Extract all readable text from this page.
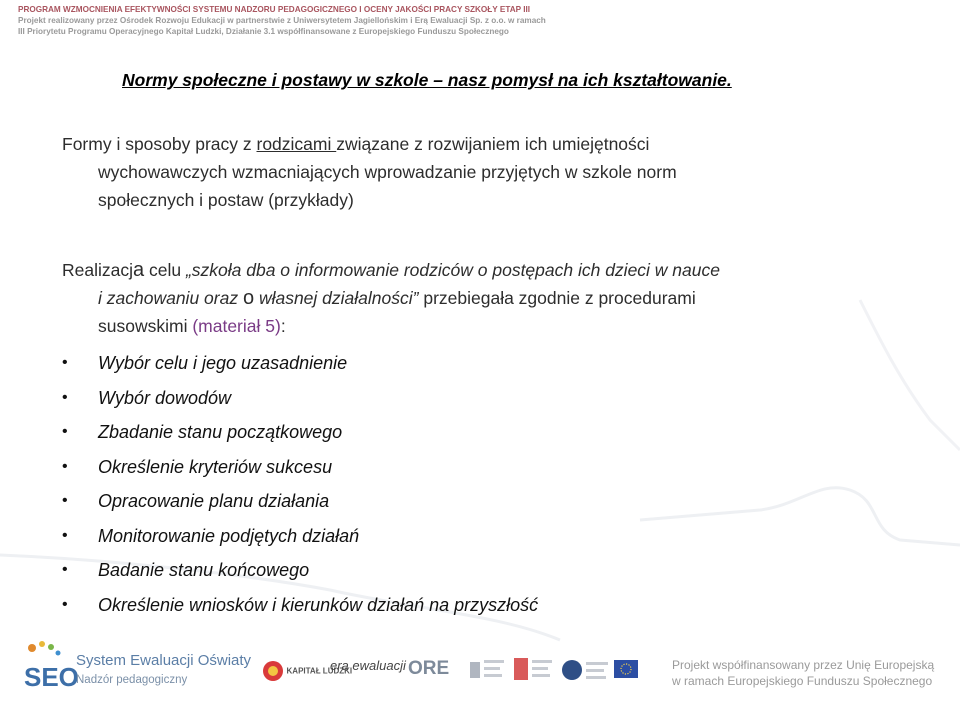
PROGRAM WZMOCNIENIA EFEKTYWNOŚCI SYSTEMU NADZORU PEDAGOGICZNEGO I OCENY JAKOŚCI PRACY SZKOŁY ETAP III
Projekt realizowany przez Ośrodek Rozwoju Edukacji w partnerstwie z Uniwersytetem Jagiellońskim i Erą Ewaluacji Sp. z o.o. w ramach
III Priorytetu Programu Operacyjnego Kapitał Ludzki, Działanie 3.1 współfinansowane z Europejskiego Funduszu Społecznego
Normy społeczne i postawy w szkole – nasz pomysł na ich kształtowanie.
Formy i sposoby pracy z rodzicami związane z rozwijaniem ich umiejętności
wychowawczych wzmacniających wprowadzanie przyjętych w szkole norm
społecznych i postaw (przykłady)
Realizacja celu „szkoła dba o informowanie rodziców o postępach ich dzieci w nauce
i zachowaniu oraz o własnej działalności” przebiegała zgodnie z procedurami
susowskimi (materiał 5):
• Wybór celu i jego uzasadnienie
• Wybór dowodów
• Zbadanie stanu początkowego
• Określenie kryteriów sukcesu
• Opracowanie planu działania
• Monitorowanie podjętych działań
• Badanie stanu końcowego
• Określenie wniosków i kierunków działań na przyszłość
SEO
System Ewaluacji Oświaty
Nadzór pedagogiczny
KAPITAŁ LUDZKI
era ewaluacji ORE	Projekt współfinansowany przez Unię Europejską
w ramach Europejskiego Funduszu Społecznego
